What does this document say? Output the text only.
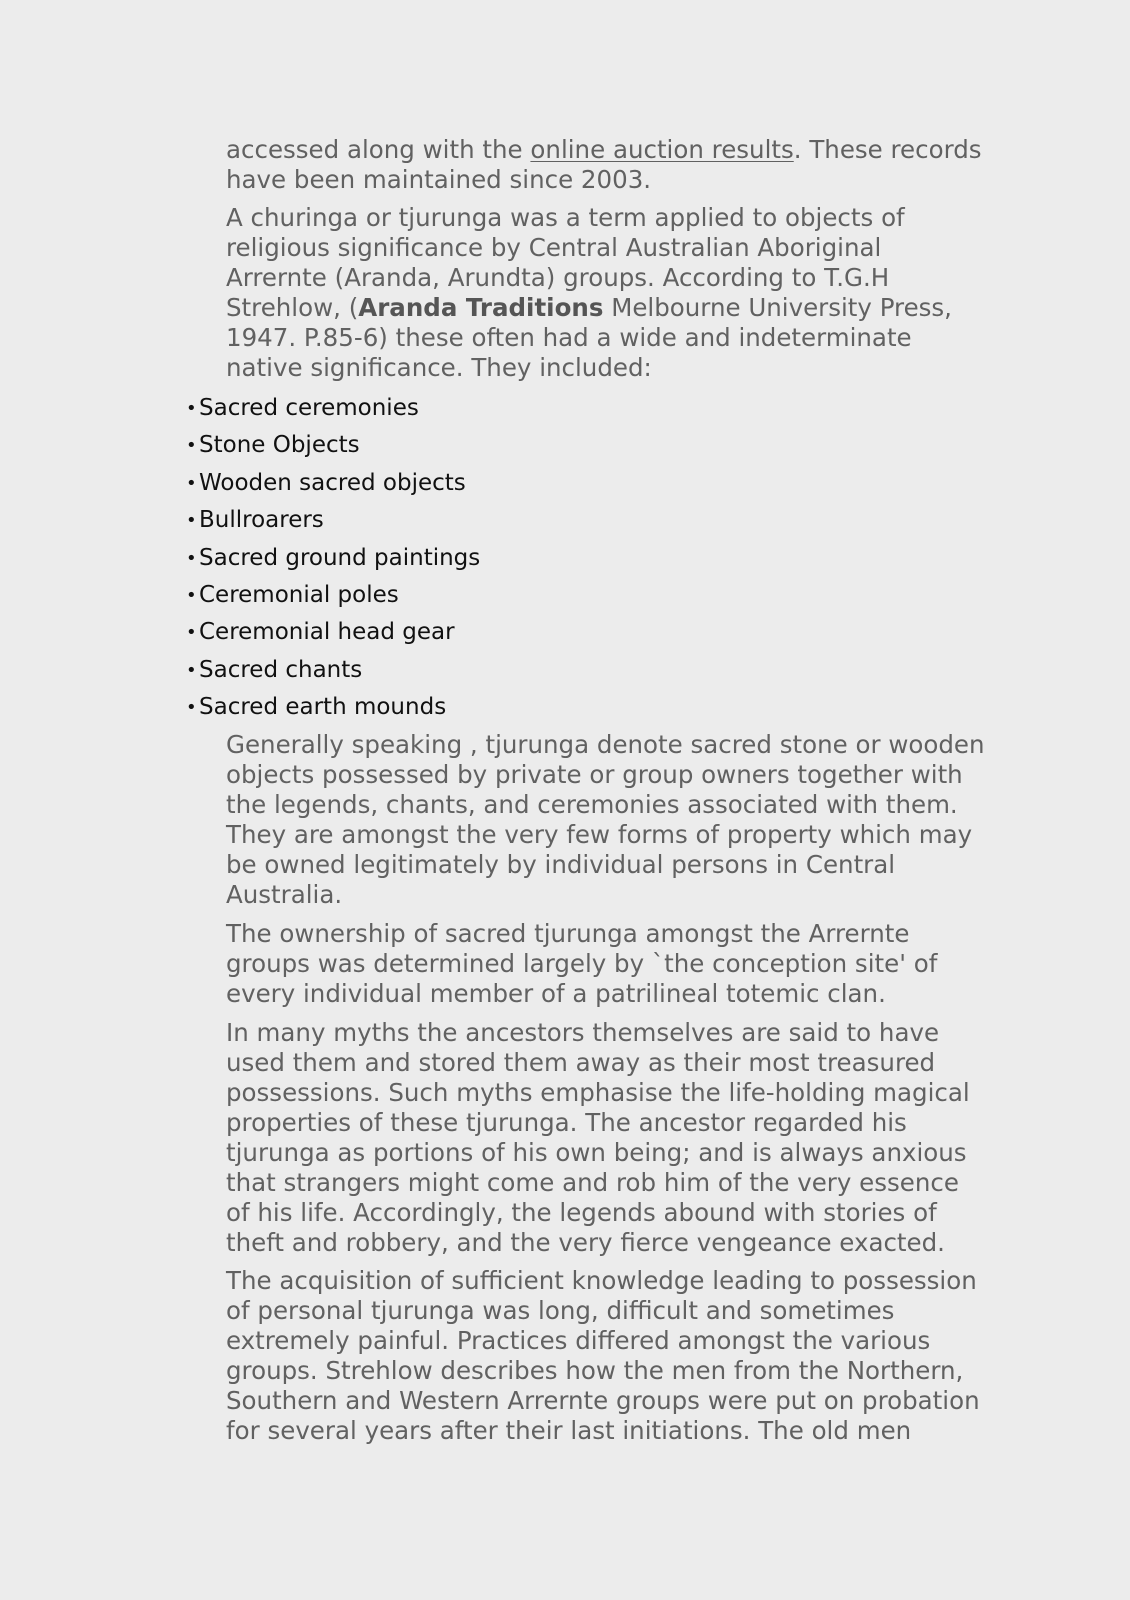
accessed along with the online auction results. These records
have been maintained since 2003.

A churinga or tjurunga was a term applied to objects of
religious significance by Central Australian Aboriginal
Arrernte (Aranda, Arundta) groups. According to T.G.H
Strehlow, (Aranda Traditions Melbourne University Press,
1947. P.85-6) these often had a wide and indeterminate
native significance. They included:

• Sacred ceremonies
• Stone Objects
• Wooden sacred objects
• Bullroarers
• Sacred ground paintings
• Ceremonial poles
• Ceremonial head gear
• Sacred chants
• Sacred earth mounds

Generally speaking , tjurunga denote sacred stone or wooden
objects possessed by private or group owners together with
the legends, chants, and ceremonies associated with them.
They are amongst the very few forms of property which may
be owned legitimately by individual persons in Central
Australia.

The ownership of sacred tjurunga amongst the Arrernte
groups was determined largely by `the conception site' of
every individual member of a patrilineal totemic clan.

In many myths the ancestors themselves are said to have
used them and stored them away as their most treasured
possessions. Such myths emphasise the life-holding magical
properties of these tjurunga. The ancestor regarded his
tjurunga as portions of his own being; and is always anxious
that strangers might come and rob him of the very essence
of his life. Accordingly, the legends abound with stories of
theft and robbery, and the very fierce vengeance exacted.

The acquisition of sufficient knowledge leading to possession
of personal tjurunga was long, difficult and sometimes
extremely painful. Practices differed amongst the various
groups. Strehlow describes how the men from the Northern,
Southern and Western Arrernte groups were put on probation
for several years after their last initiations. The old men
